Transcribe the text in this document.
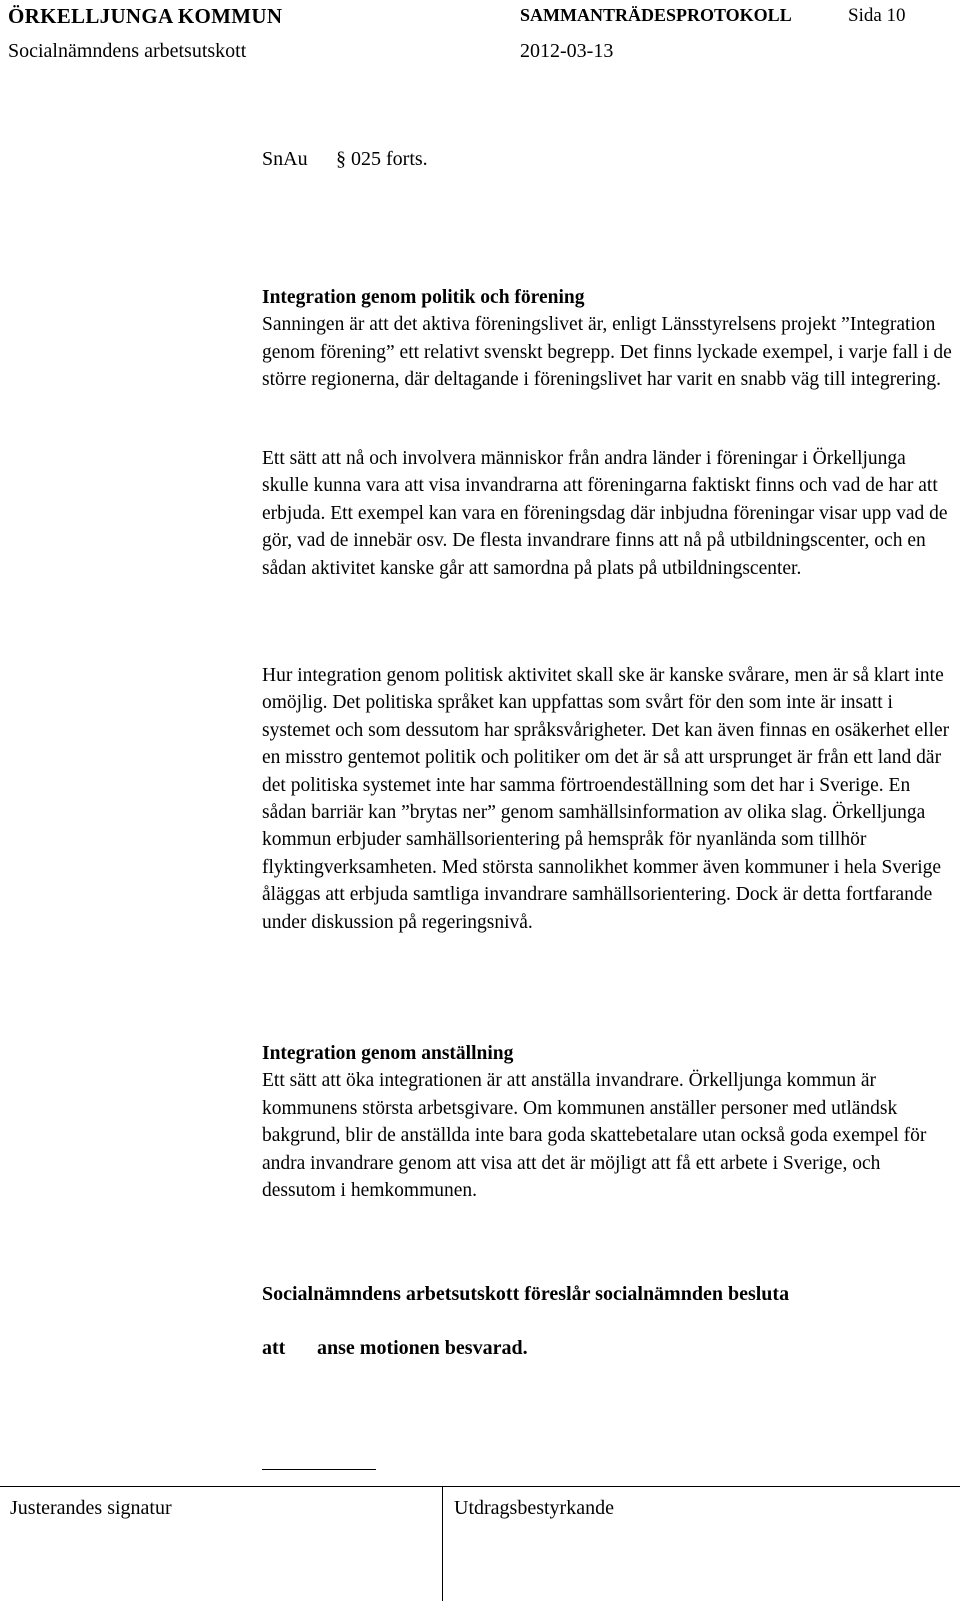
ÖRKELLJUNGA KOMMUN	SAMMANTRÄDESPROTOKOLL	Sida 10
Socialnämndens arbetsutskott	2012-03-13
SnAu § 025 forts.

Integration genom politik och förening

Sanningen är att det aktiva föreningslivet är, enligt Länsstyrelsens projekt ”Integration genom förening” ett relativt svenskt begrepp. Det finns lyckade exempel, i varje fall i de större regionerna, där deltagande i föreningslivet har varit en snabb väg till integrering.

Ett sätt att nå och involvera människor från andra länder i föreningar i Örkelljunga skulle kunna vara att visa invandrarna att föreningarna faktiskt finns och vad de har att erbjuda. Ett exempel kan vara en föreningsdag där inbjudna föreningar visar upp vad de gör, vad de innebär osv. De flesta invandrare finns att nå på utbildningscenter, och en sådan aktivitet kanske går att samordna på plats på utbildningscenter.

Hur integration genom politisk aktivitet skall ske är kanske svårare, men är så klart inte omöjlig. Det politiska språket kan uppfattas som svårt för den som inte är insatt i systemet och som dessutom har språksvårigheter. Det kan även finnas en osäkerhet eller en misstro gentemot politik och politiker om det är så att ursprunget är från ett land där det politiska systemet inte har samma förtroendeställning som det har i Sverige. En sådan barriär kan ”brytas ner” genom samhällsinformation av olika slag. Örkelljunga kommun erbjuder samhällsorientering på hemspråk för nyanlända som tillhör flyktingverksamheten. Med största sannolikhet kommer även kommuner i hela Sverige åläggas att erbjuda samtliga invandrare samhällsorientering. Dock är detta fortfarande under diskussion på regeringsnivå.

Integration genom anställning

Ett sätt att öka integrationen är att anställa invandrare. Örkelljunga kommun är kommunens största arbetsgivare. Om kommunen anställer personer med utländsk bakgrund, blir de anställda inte bara goda skattebetalare utan också goda exempel för andra invandrare genom att visa att det är möjligt att få ett arbete i Sverige, och dessutom i hemkommunen.

Socialnämndens arbetsutskott föreslår socialnämnden besluta
att anse motionen besvarad.
Justerandes signatur	Utdragsbestyrkande
